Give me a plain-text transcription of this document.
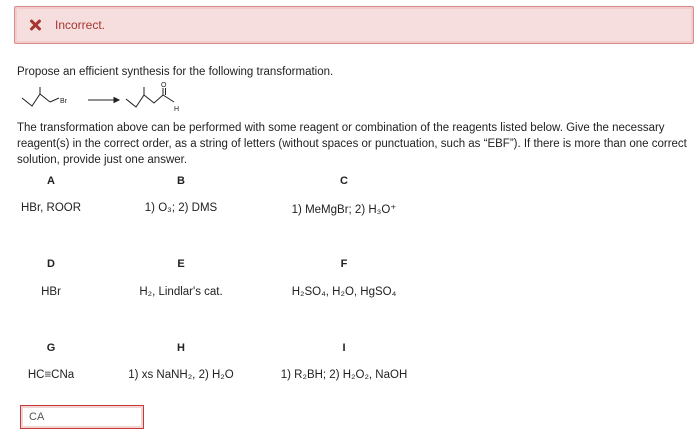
Incorrect.
Propose an efficient synthesis for the following transformation.
Br
O
H
The transformation above can be performed with some reagent or combination of the reagents listed below. Give the necessary reagent(s) in the correct order, as a string of letters (without spaces or punctuation, such as “EBF”). If there is more than one correct solution, provide just one answer.
A	B	C
HBr, ROOR	1) O₃; 2) DMS	1) MeMgBr; 2) H₃O⁺
D	E	F
HBr	H₂, Lindlar's cat.	H₂SO₄, H₂O, HgSO₄
G	H	I
HC≡CNa	1) xs NaNH₂, 2) H₂O	1) R₂BH; 2) H₂O₂, NaOH
CA
